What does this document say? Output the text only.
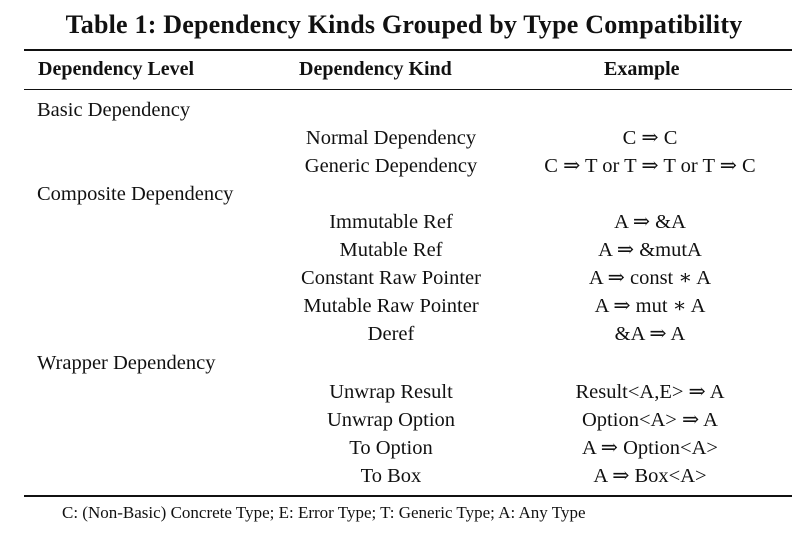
Table 1: Dependency Kinds Grouped by Type Compatibility
Dependency Level	Dependency Kind	Example
Basic Dependency
Normal Dependency	C ⇒ C
Generic Dependency	C ⇒ T or T ⇒ T or T ⇒ C
Composite Dependency
Immutable Ref	A ⇒ &A
Mutable Ref	A ⇒ &mutA
Constant Raw Pointer	A ⇒ const ∗ A
Mutable Raw Pointer	A ⇒ mut ∗ A
Deref	&A ⇒ A
Wrapper Dependency
Unwrap Result	Result<A,E> ⇒ A
Unwrap Option	Option<A> ⇒ A
To Option	A ⇒ Option<A>
To Box	A ⇒ Box<A>
C: (Non-Basic) Concrete Type; E: Error Type; T: Generic Type; A: Any Type
